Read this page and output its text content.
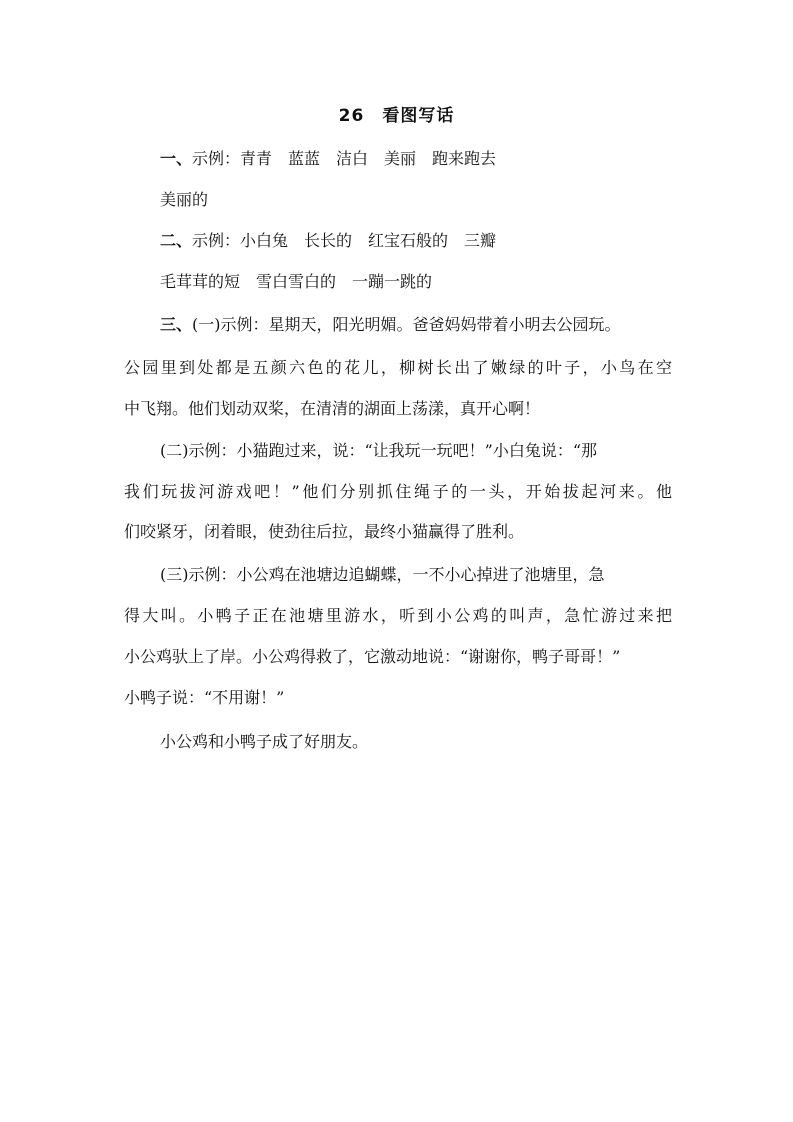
26　看图写话
一、示例：青青　蓝蓝　洁白　美丽　跑来跑去
美丽的
二、示例：小白兔　长长的　红宝石般的　三瓣
毛茸茸的短　雪白雪白的　一蹦一跳的
三、(一)示例：星期天，阳光明媚。爸爸妈妈带着小明去公园玩。
公园里到处都是五颜六色的花儿，柳树长出了嫩绿的叶子，小鸟在空
中飞翔。他们划动双桨，在清清的湖面上荡漾，真开心啊！
(二)示例：小猫跑过来，说：“让我玩一玩吧！”小白兔说：“那
我们玩拔河游戏吧！”他们分别抓住绳子的一头，开始拔起河来。他
们咬紧牙，闭着眼，使劲往后拉，最终小猫赢得了胜利。
(三)示例：小公鸡在池塘边追蝴蝶，一不小心掉进了池塘里，急
得大叫。小鸭子正在池塘里游水，听到小公鸡的叫声，急忙游过来把
小公鸡驮上了岸。小公鸡得救了，它激动地说：“谢谢你，鸭子哥哥！”
小鸭子说：“不用谢！”
小公鸡和小鸭子成了好朋友。
